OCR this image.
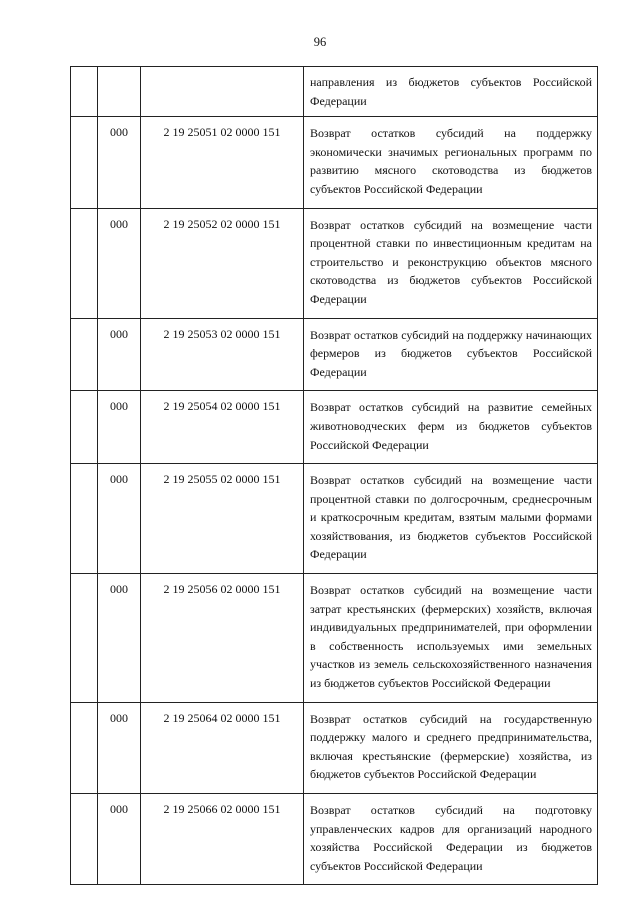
96
			направления из бюджетов субъектов Российской Федерации
	000	2 19 25051 02 0000 151	Возврат остатков субсидий на поддержку экономически значимых региональных программ по развитию мясного скотоводства из бюджетов субъектов Российской Федерации
	000	2 19 25052 02 0000 151	Возврат остатков субсидий на возмещение части процентной ставки по инвестиционным кредитам на строительство и реконструкцию объектов мясного скотоводства из бюджетов субъектов Российской Федерации
	000	2 19 25053 02 0000 151	Возврат остатков субсидий на поддержку начинающих фермеров из бюджетов субъектов Российской Федерации
	000	2 19 25054 02 0000 151	Возврат остатков субсидий на развитие семейных животноводческих ферм из бюджетов субъектов Российской Федерации
	000	2 19 25055 02 0000 151	Возврат остатков субсидий на возмещение части процентной ставки по долгосрочным, среднесрочным и краткосрочным кредитам, взятым малыми формами хозяйствования, из бюджетов субъектов Российской Федерации
	000	2 19 25056 02 0000 151	Возврат остатков субсидий на возмещение части затрат крестьянских (фермерских) хозяйств, включая индивидуальных предпринимателей, при оформлении в собственность используемых ими земельных участков из земель сельскохозяйственного назначения из бюджетов субъектов Российской Федерации
	000	2 19 25064 02 0000 151	Возврат остатков субсидий на государственную поддержку малого и среднего предпринимательства, включая крестьянские (фермерские) хозяйства, из бюджетов субъектов Российской Федерации
	000	2 19 25066 02 0000 151	Возврат остатков субсидий на подготовку управленческих кадров для организаций народного хозяйства Российской Федерации из бюджетов субъектов Российской Федерации
